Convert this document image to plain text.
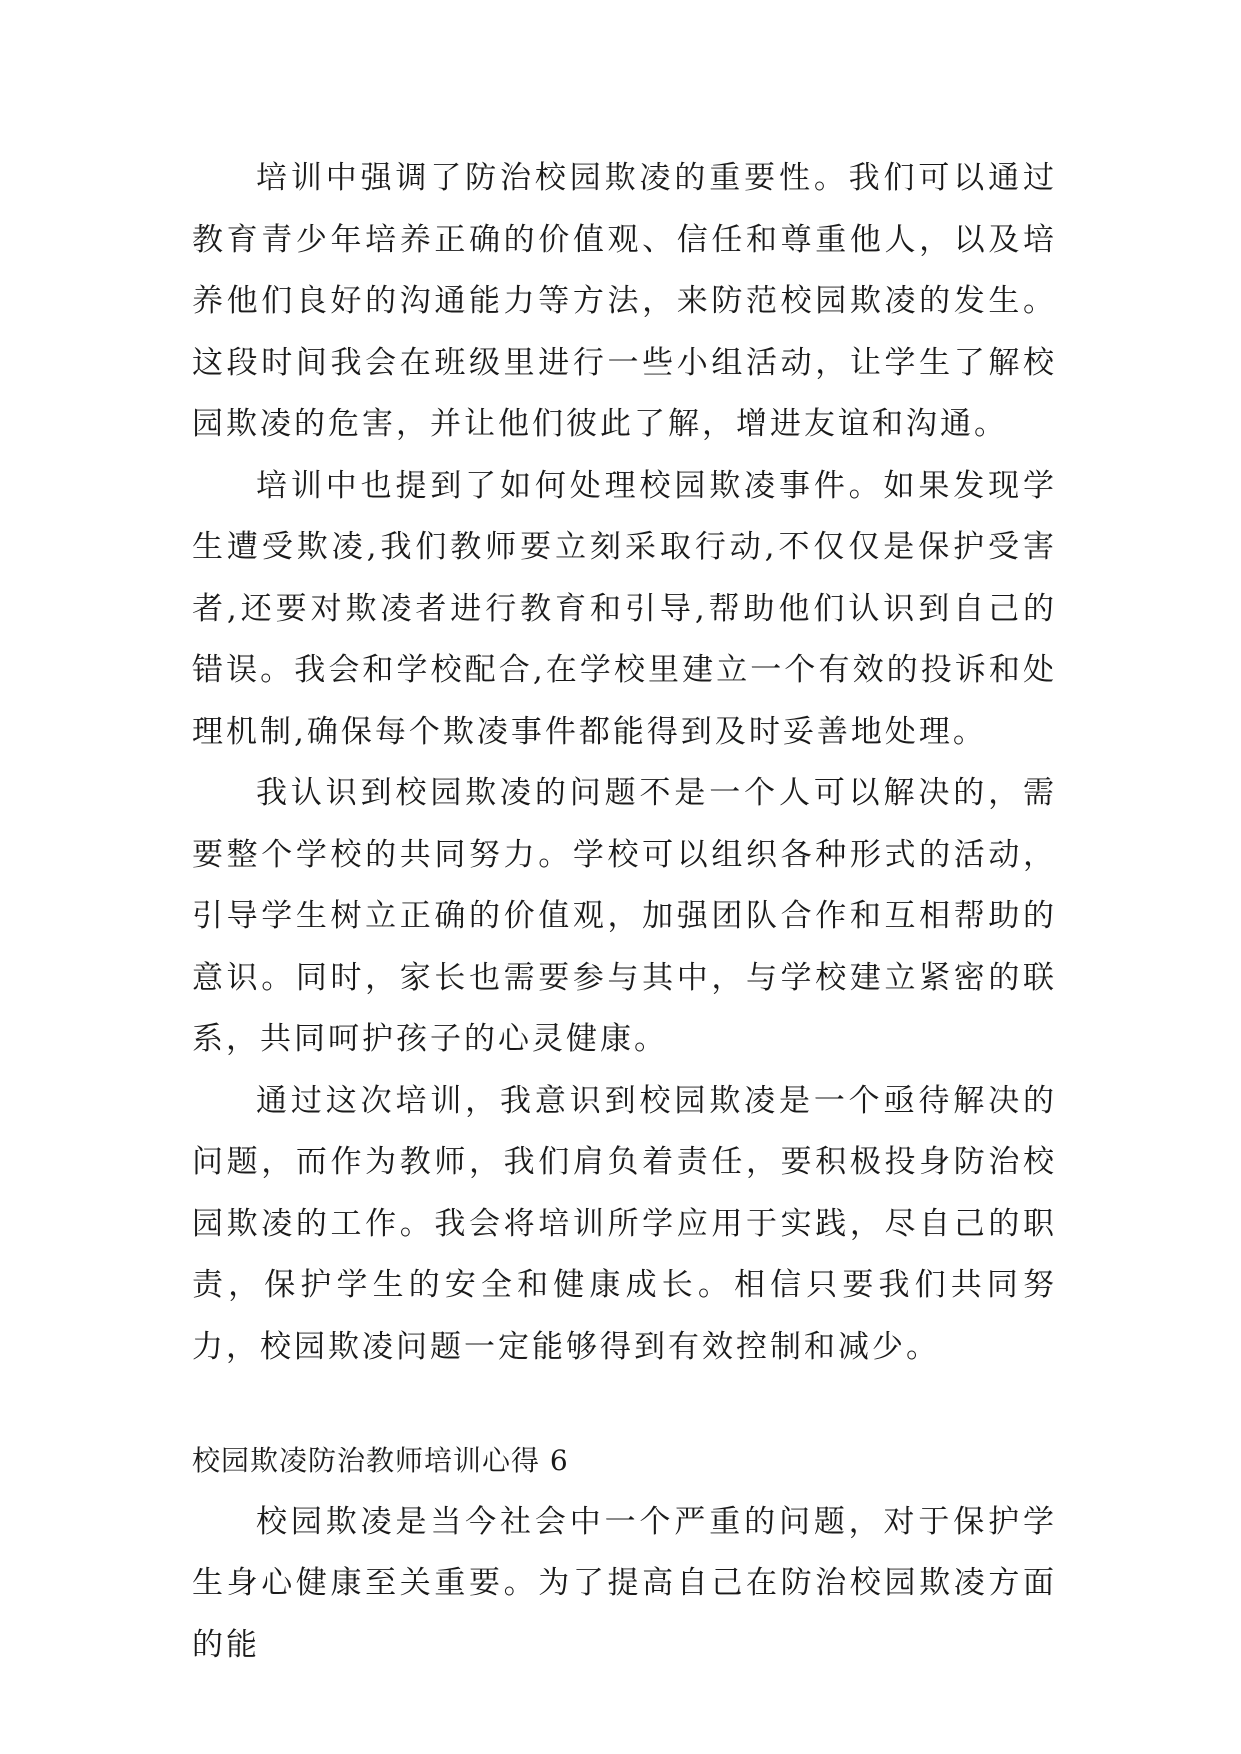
培训中强调了防治校园欺凌的重要性。我们可以通过教育青少年培养正确的价值观、信任和尊重他人，以及培养他们良好的沟通能力等方法，来防范校园欺凌的发生。这段时间我会在班级里进行一些小组活动，让学生了解校园欺凌的危害，并让他们彼此了解，增进友谊和沟通。

培训中也提到了如何处理校园欺凌事件。如果发现学生遭受欺凌,我们教师要立刻采取行动,不仅仅是保护受害者,还要对欺凌者进行教育和引导,帮助他们认识到自己的错误。我会和学校配合,在学校里建立一个有效的投诉和处理机制,确保每个欺凌事件都能得到及时妥善地处理。

我认识到校园欺凌的问题不是一个人可以解决的，需要整个学校的共同努力。学校可以组织各种形式的活动，引导学生树立正确的价值观，加强团队合作和互相帮助的意识。同时，家长也需要参与其中，与学校建立紧密的联系，共同呵护孩子的心灵健康。

通过这次培训，我意识到校园欺凌是一个亟待解决的问题，而作为教师，我们肩负着责任，要积极投身防治校园欺凌的工作。我会将培训所学应用于实践，尽自己的职责，保护学生的安全和健康成长。相信只要我们共同努力，校园欺凌问题一定能够得到有效控制和减少。

校园欺凌防治教师培训心得 6

校园欺凌是当今社会中一个严重的问题，对于保护学生身心健康至关重要。为了提高自己在防治校园欺凌方面的能
